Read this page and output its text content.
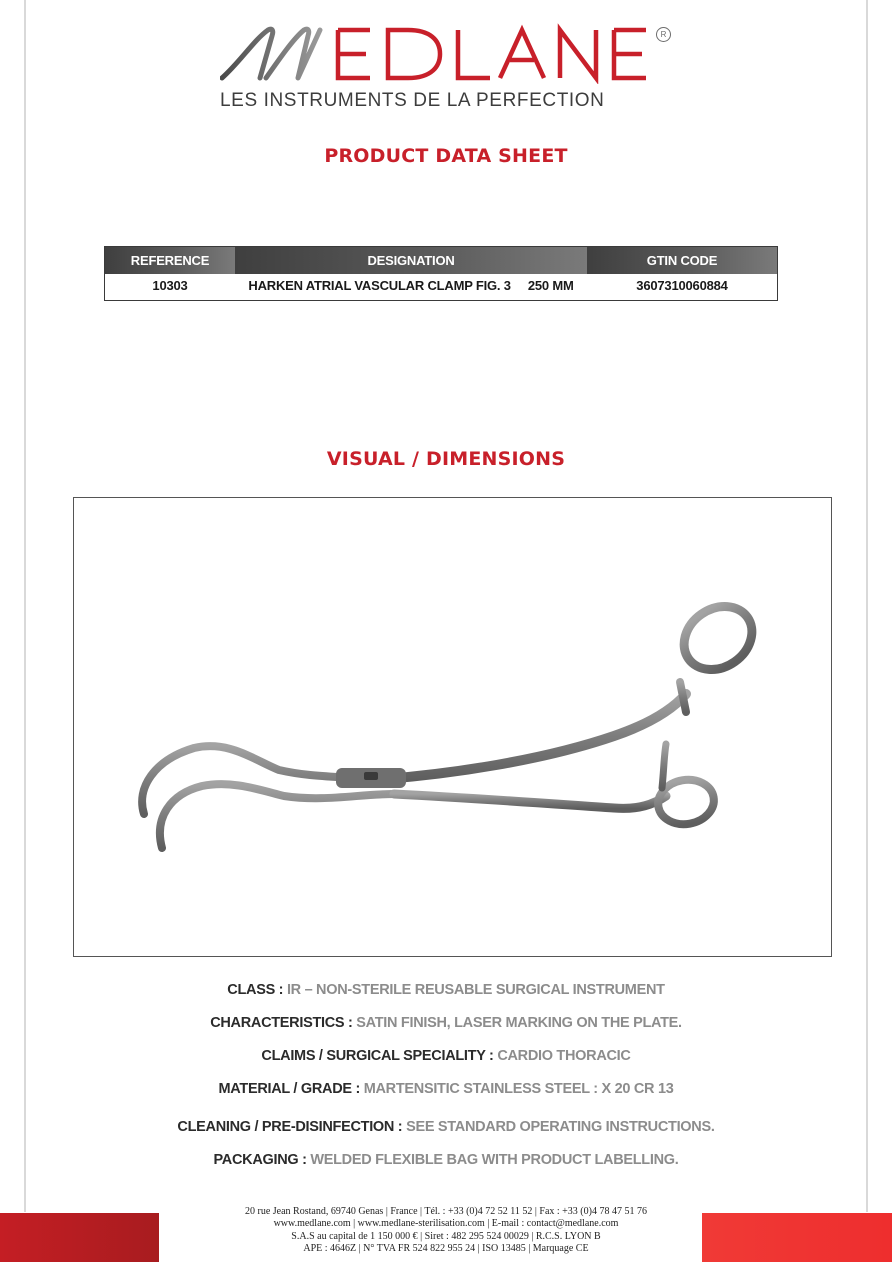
R
LES INSTRUMENTS DE LA PERFECTION
PRODUCT DATA SHEET
REFERENCE	DESIGNATION	GTIN CODE
10303	HARKEN ATRIAL VASCULAR CLAMP FIG. 3     250 MM	3607310060884
VISUAL / DIMENSIONS
CLASS : IR – NON-STERILE REUSABLE SURGICAL INSTRUMENT
CHARACTERISTICS : SATIN FINISH, LASER MARKING ON THE PLATE.
CLAIMS / SURGICAL SPECIALITY : CARDIO THORACIC
MATERIAL / GRADE : MARTENSITIC STAINLESS STEEL : X 20 CR 13
CLEANING / PRE-DISINFECTION : SEE STANDARD OPERATING INSTRUCTIONS.
PACKAGING : WELDED FLEXIBLE BAG WITH PRODUCT LABELLING.
20 rue Jean Rostand, 69740 Genas | France | Tél. : +33 (0)4 72 52 11 52 | Fax : +33 (0)4 78 47 51 76
www.medlane.com | www.medlane-sterilisation.com | E-mail : contact@medlane.com
S.A.S au capital de 1 150 000 € | Siret : 482 295 524 00029 | R.C.S. LYON B
APE : 4646Z | N° TVA FR 524 822 955 24 | ISO 13485 | Marquage CE
